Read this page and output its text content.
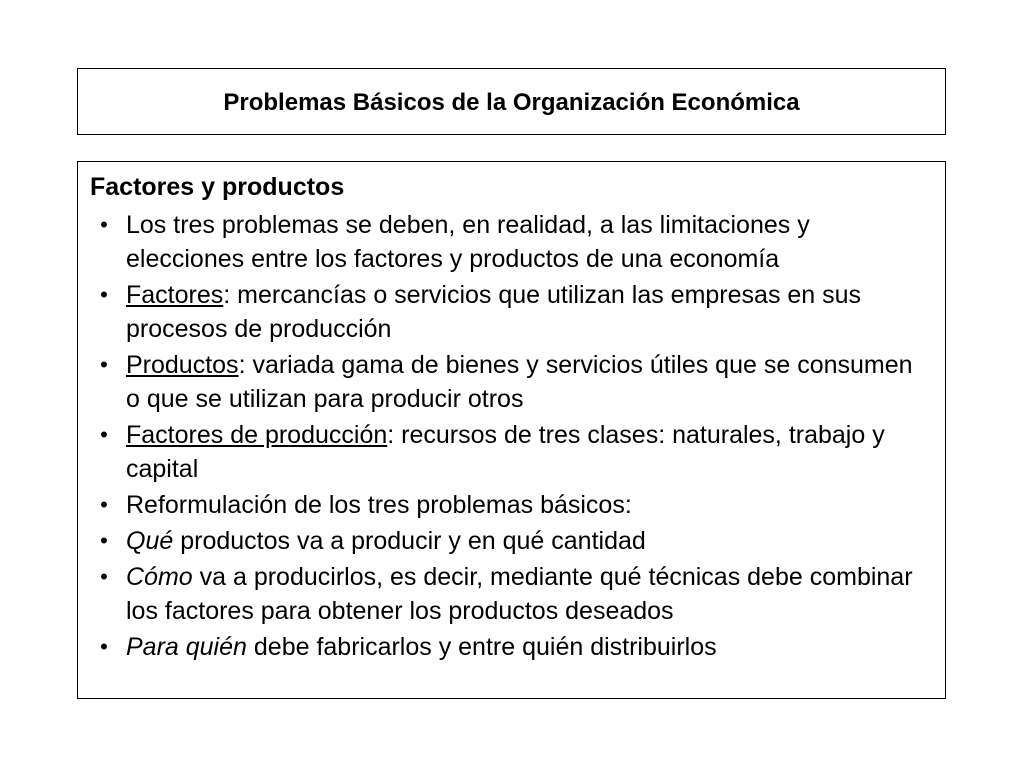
Problemas Básicos de la Organización Económica
Factores y productos
• Los tres problemas se deben, en realidad, a las limitaciones y elecciones entre los factores y productos de una economía
• Factores: mercancías o servicios que utilizan las empresas en sus procesos de producción
• Productos: variada gama de bienes y servicios útiles que se consumen o que se utilizan para producir otros
• Factores de producción: recursos de tres clases: naturales, trabajo y capital
• Reformulación de los tres problemas básicos:
• Qué productos va a producir y en qué cantidad
• Cómo va a producirlos, es decir, mediante qué técnicas debe combinar los factores para obtener los productos deseados
• Para quién debe fabricarlos y entre quién distribuirlos
